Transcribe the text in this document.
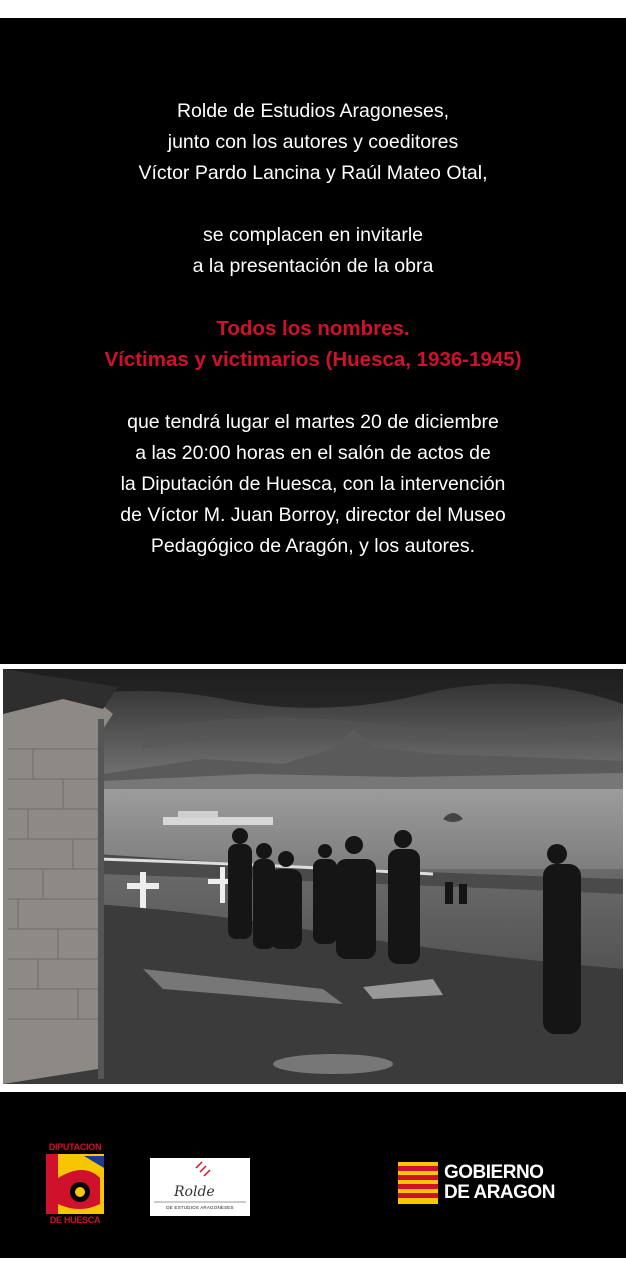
Rolde de Estudios Aragoneses,
junto con los autores y coeditores
Víctor Pardo Lancina y Raúl Mateo Otal,

se complacen en invitarle
a la presentación de la obra

Todos los nombres.
Víctimas y victimarios (Huesca, 1936-1945)

que tendrá lugar el martes 20 de diciembre
a las 20:00 horas en el salón de actos de
la Diputación de Huesca, con la intervención
de Víctor M. Juan Borroy, director del Museo
Pedagógico de Aragón, y los autores.

DIPUTACION
DE HUESCA
Rolde
DE ESTUDIOS ARAGONESES
GOBIERNO
DE ARAGON
